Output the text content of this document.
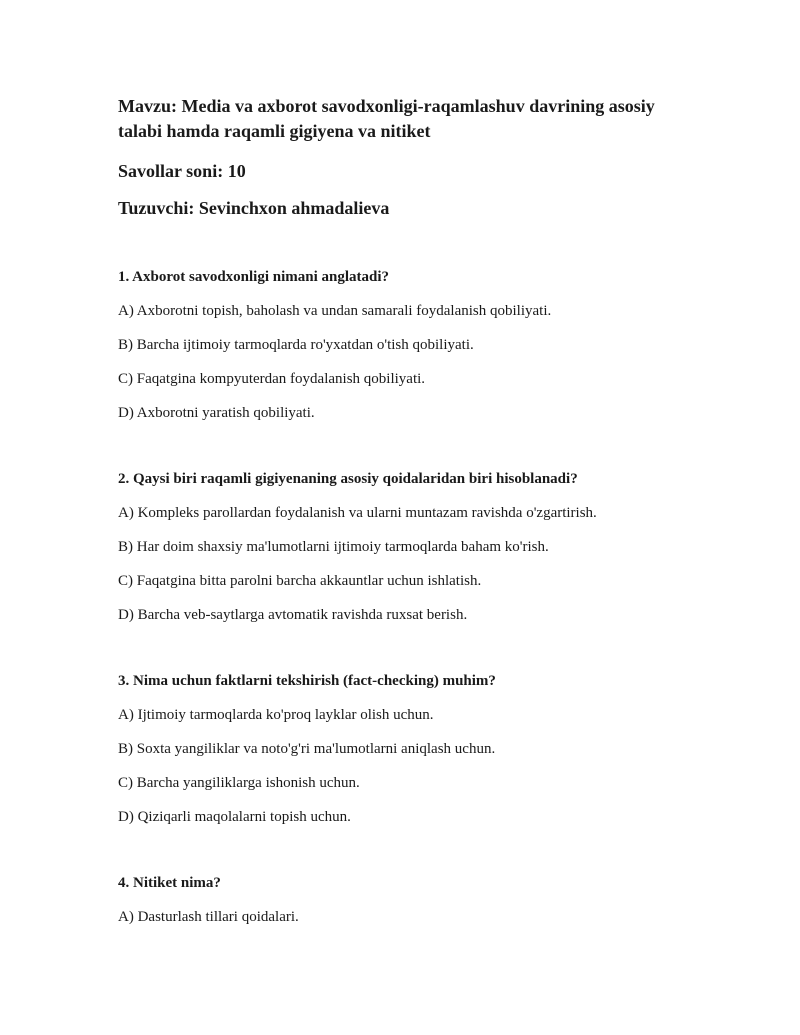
Mavzu: Media va axborot savodxonligi-raqamlashuv davrining asosiy talabi hamda raqamli gigiyena va nitiket

Savollar soni: 10

Tuzuvchi: Sevinchxon ahmadalieva

1. Axborot savodxonligi nimani anglatadi?

A) Axborotni topish, baholash va undan samarali foydalanish qobiliyati.

B) Barcha ijtimoiy tarmoqlarda ro'yxatdan o'tish qobiliyati.

C) Faqatgina kompyuterdan foydalanish qobiliyati.

D) Axborotni yaratish qobiliyati.

2. Qaysi biri raqamli gigiyenaning asosiy qoidalaridan biri hisoblanadi?

A) Kompleks parollardan foydalanish va ularni muntazam ravishda o'zgartirish.

B) Har doim shaxsiy ma'lumotlarni ijtimoiy tarmoqlarda baham ko'rish.

C) Faqatgina bitta parolni barcha akkauntlar uchun ishlatish.

D) Barcha veb-saytlarga avtomatik ravishda ruxsat berish.

3. Nima uchun faktlarni tekshirish (fact-checking) muhim?

A) Ijtimoiy tarmoqlarda ko'proq layklar olish uchun.

B) Soxta yangiliklar va noto'g'ri ma'lumotlarni aniqlash uchun.

C) Barcha yangiliklarga ishonish uchun.

D) Qiziqarli maqolalarni topish uchun.

4. Nitiket nima?

A) Dasturlash tillari qoidalari.
